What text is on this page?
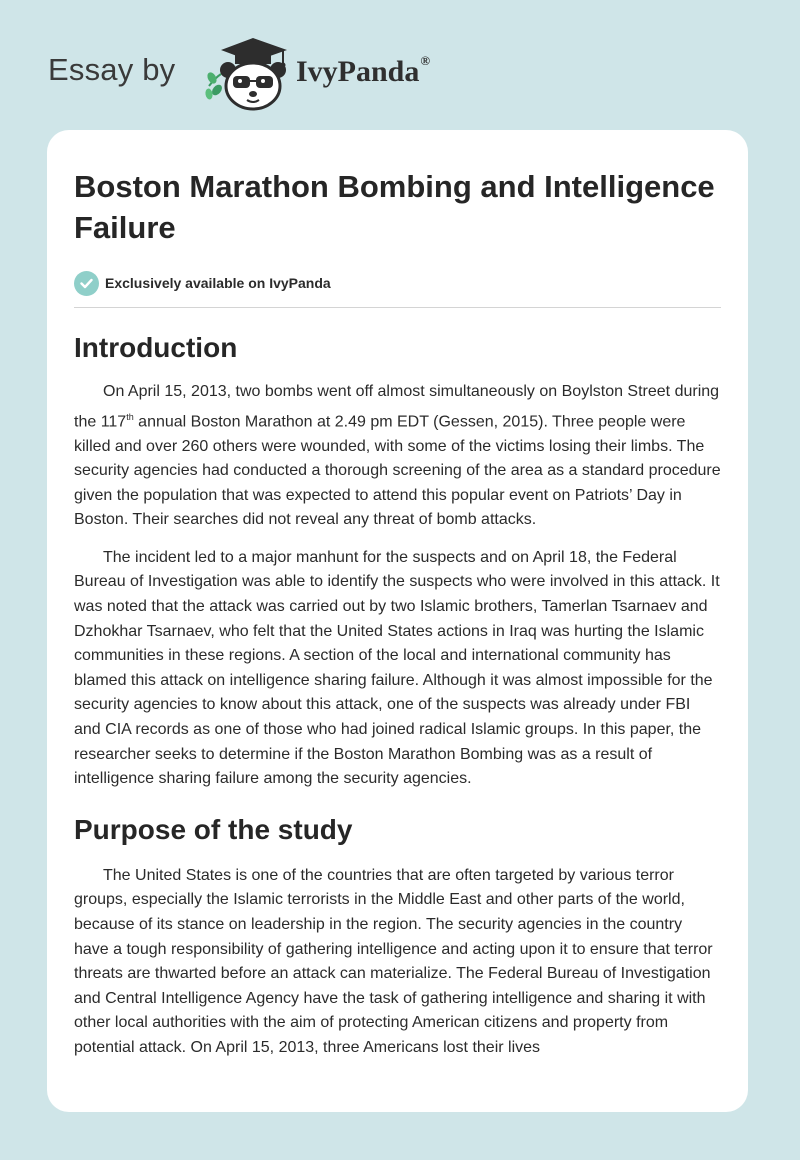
Essay by	IvyPanda®
Boston Marathon Bombing and Intelligence Failure
Exclusively available on IvyPanda
Introduction

On April 15, 2013, two bombs went off almost simultaneously on Boylston Street during the 117th annual Boston Marathon at 2.49 pm EDT (Gessen, 2015). Three people were killed and over 260 others were wounded, with some of the victims losing their limbs. The security agencies had conducted a thorough screening of the area as a standard procedure given the population that was expected to attend this popular event on Patriots’ Day in Boston. Their searches did not reveal any threat of bomb attacks.

The incident led to a major manhunt for the suspects and on April 18, the Federal Bureau of Investigation was able to identify the suspects who were involved in this attack. It was noted that the attack was carried out by two Islamic brothers, Tamerlan Tsarnaev and Dzhokhar Tsarnaev, who felt that the United States actions in Iraq was hurting the Islamic communities in these regions. A section of the local and international community has blamed this attack on intelligence sharing failure. Although it was almost impossible for the security agencies to know about this attack, one of the suspects was already under FBI and CIA records as one of those who had joined radical Islamic groups. In this paper, the researcher seeks to determine if the Boston Marathon Bombing was as a result of intelligence sharing failure among the security agencies.

Purpose of the study

The United States is one of the countries that are often targeted by various terror groups, especially the Islamic terrorists in the Middle East and other parts of the world, because of its stance on leadership in the region. The security agencies in the country have a tough responsibility of gathering intelligence and acting upon it to ensure that terror threats are thwarted before an attack can materialize. The Federal Bureau of Investigation and Central Intelligence Agency have the task of gathering intelligence and sharing it with other local authorities with the aim of protecting American citizens and property from potential attack. On April 15, 2013, three Americans lost their lives
